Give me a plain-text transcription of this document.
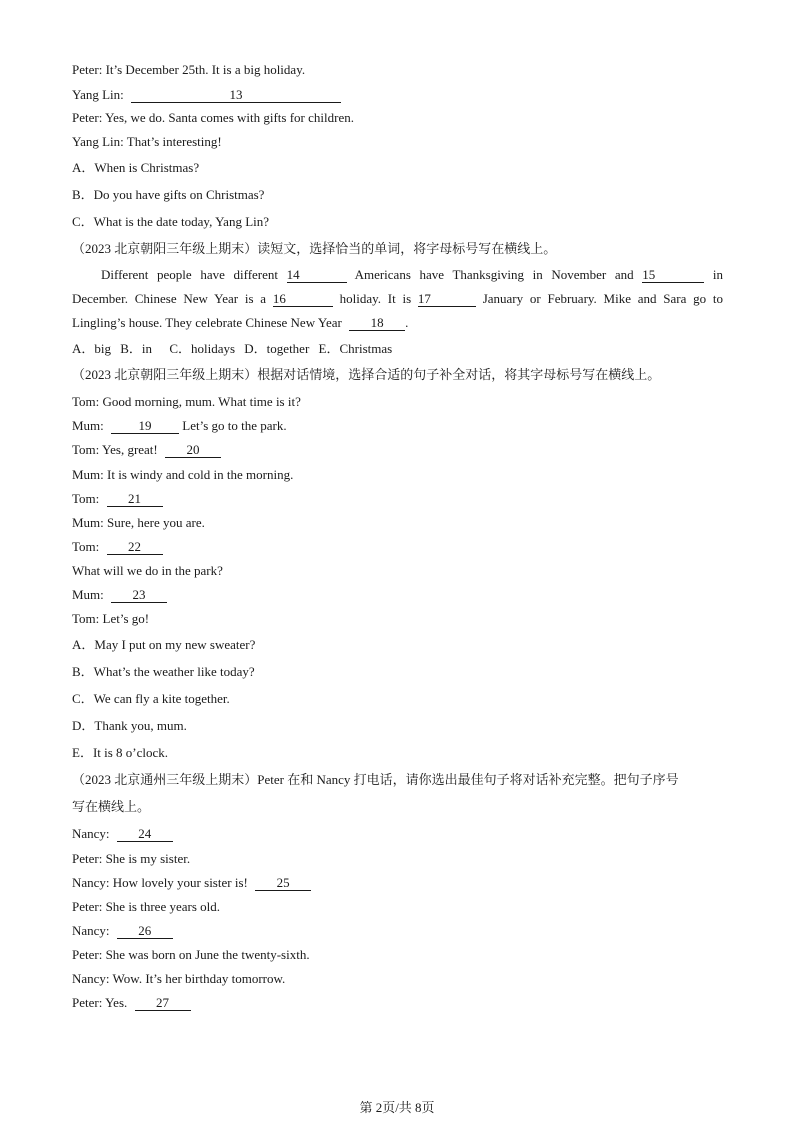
Peter: It’s December 25th. It is a big holiday.
Yang Lin:	13
Peter: Yes, we do. Santa comes with gifts for children.
Yang Lin: That’s interesting!
A．When is Christmas?
B．Do you have gifts on Christmas?
C．What is the date today, Yang Lin?
（2023 北京朝阳三年级上期末）读短文，选择恰当的单词，将字母标号写在横线上。
Different people have different 14	Americans have Thanksgiving in November and 15	in
December. Chinese New Year is a 16	holiday. It is 17	January or February. Mike and Sara go to
Lingling’s house. They celebrate Chinese New Year 18 .
A．big B．in C．holidays D．together E．Christmas
（2023 北京朝阳三年级上期末）根据对话情境，选择合适的句子补全对话，将其字母标号写在横线上。
Tom: Good morning, mum. What time is it?
Mum:	19 Let’s go to the park.
Tom: Yes, great! 20
Mum: It is windy and cold in the morning.
Tom: 21
Mum: Sure, here you are.
Tom: 22
What will we do in the park?
Mum: 23
Tom: Let’s go!
A．May I put on my new sweater?
B．What’s the weather like today?
C．We can fly a kite together.
D．Thank you, mum.
E．It is 8 o’clock.
（2023 北京通州三年级上期末）Peter 在和 Nancy 打电话，请你选出最佳句子将对话补充完整。把句子序号
写在横线上。
Nancy: 24
Peter: She is my sister.
Nancy: How lovely your sister is! 25
Peter: She is three years old.
Nancy: 26
Peter: She was born on June the twenty-sixth.
Nancy: Wow. It’s her birthday tomorrow.
Peter: Yes. 27
第 2页/共 8页
